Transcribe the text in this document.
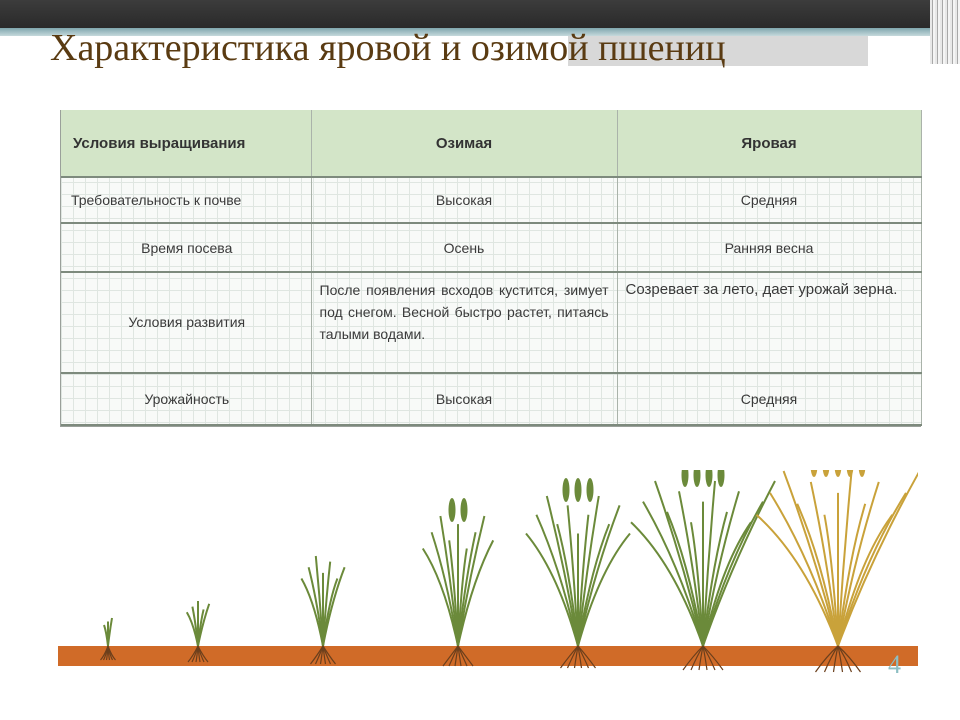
Характеристика яровой и озимой пшениц
Условия выращивания	Озимая	Яровая
Требовательность к почве	Высокая	Средняя
Время посева	Осень	Ранняя весна
Условия развития	После появления всходов кустится, зимует под снегом. Весной быстро растет, питаясь талыми водами.	Созревает за лето, дает урожай зерна.
Урожайность	Высокая	Средняя
4
